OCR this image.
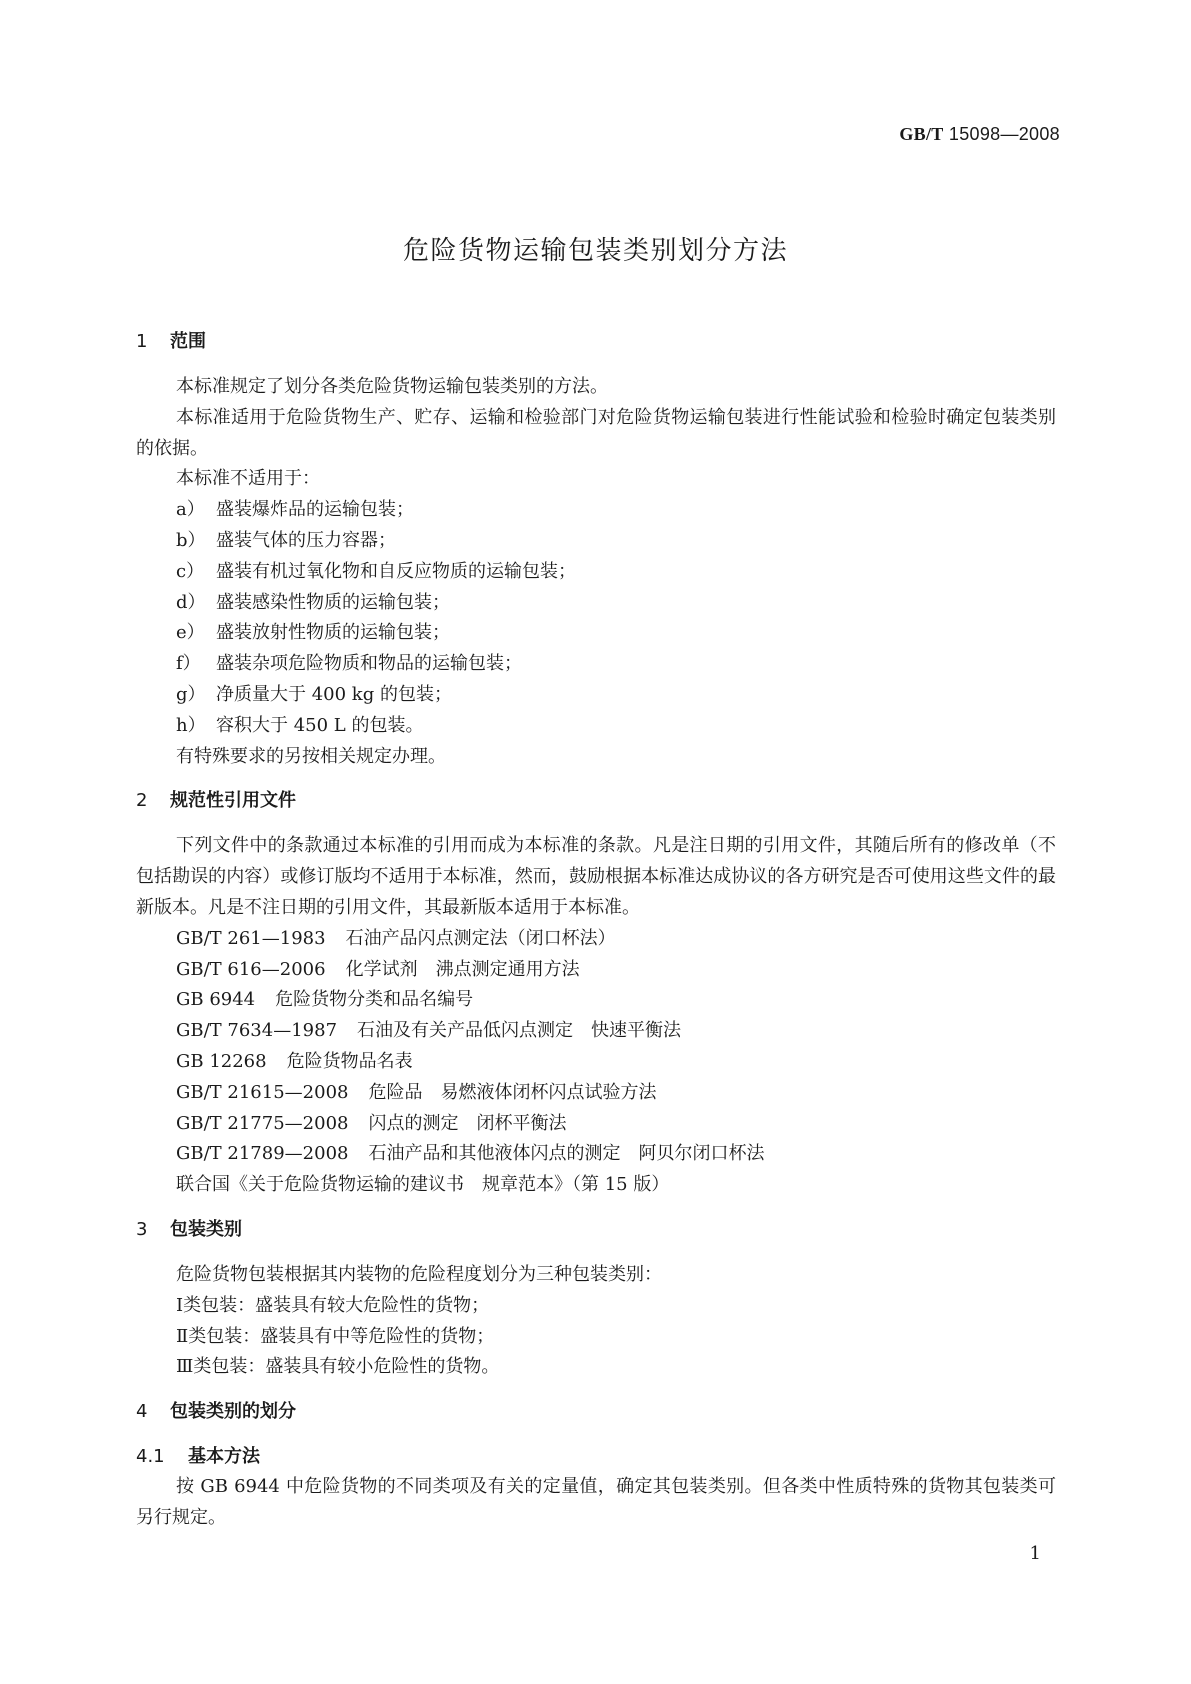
GB/T 15098—2008
危险货物运输包装类别划分方法
1 范围

本标准规定了划分各类危险货物运输包装类别的方法。

本标准适用于危险货物生产、贮存、运输和检验部门对危险货物运输包装进行性能试验和检验时确定包装类别的依据。

本标准不适用于：

a） 盛装爆炸品的运输包装；

b） 盛装气体的压力容器；

c） 盛装有机过氧化物和自反应物质的运输包装；

d） 盛装感染性物质的运输包装；

e） 盛装放射性物质的运输包装；

f） 盛装杂项危险物质和物品的运输包装；

g） 净质量大于 400 kg 的包装；

h） 容积大于 450 L 的包装。

有特殊要求的另按相关规定办理。

2 规范性引用文件

下列文件中的条款通过本标准的引用而成为本标准的条款。凡是注日期的引用文件，其随后所有的修改单（不包括勘误的内容）或修订版均不适用于本标准，然而，鼓励根据本标准达成协议的各方研究是否可使用这些文件的最新版本。凡是不注日期的引用文件，其最新版本适用于本标准。

GB/T 261—1983 石油产品闪点测定法（闭口杯法）

GB/T 616—2006 化学试剂　沸点测定通用方法

GB 6944 危险货物分类和品名编号

GB/T 7634—1987 石油及有关产品低闪点测定　快速平衡法

GB 12268 危险货物品名表

GB/T 21615—2008 危险品　易燃液体闭杯闪点试验方法

GB/T 21775—2008 闪点的测定　闭杯平衡法

GB/T 21789—2008 石油产品和其他液体闪点的测定　阿贝尔闭口杯法

联合国《关于危险货物运输的建议书　规章范本》（第 15 版）

3 包装类别

危险货物包装根据其内装物的危险程度划分为三种包装类别：

Ⅰ类包装：盛装具有较大危险性的货物；

Ⅱ类包装：盛装具有中等危险性的货物；

Ⅲ类包装：盛装具有较小危险性的货物。

4 包装类别的划分
4.1 基本方法

按 GB 6944 中危险货物的不同类项及有关的定量值，确定其包装类别。但各类中性质特殊的货物其包装类可另行规定。

1
